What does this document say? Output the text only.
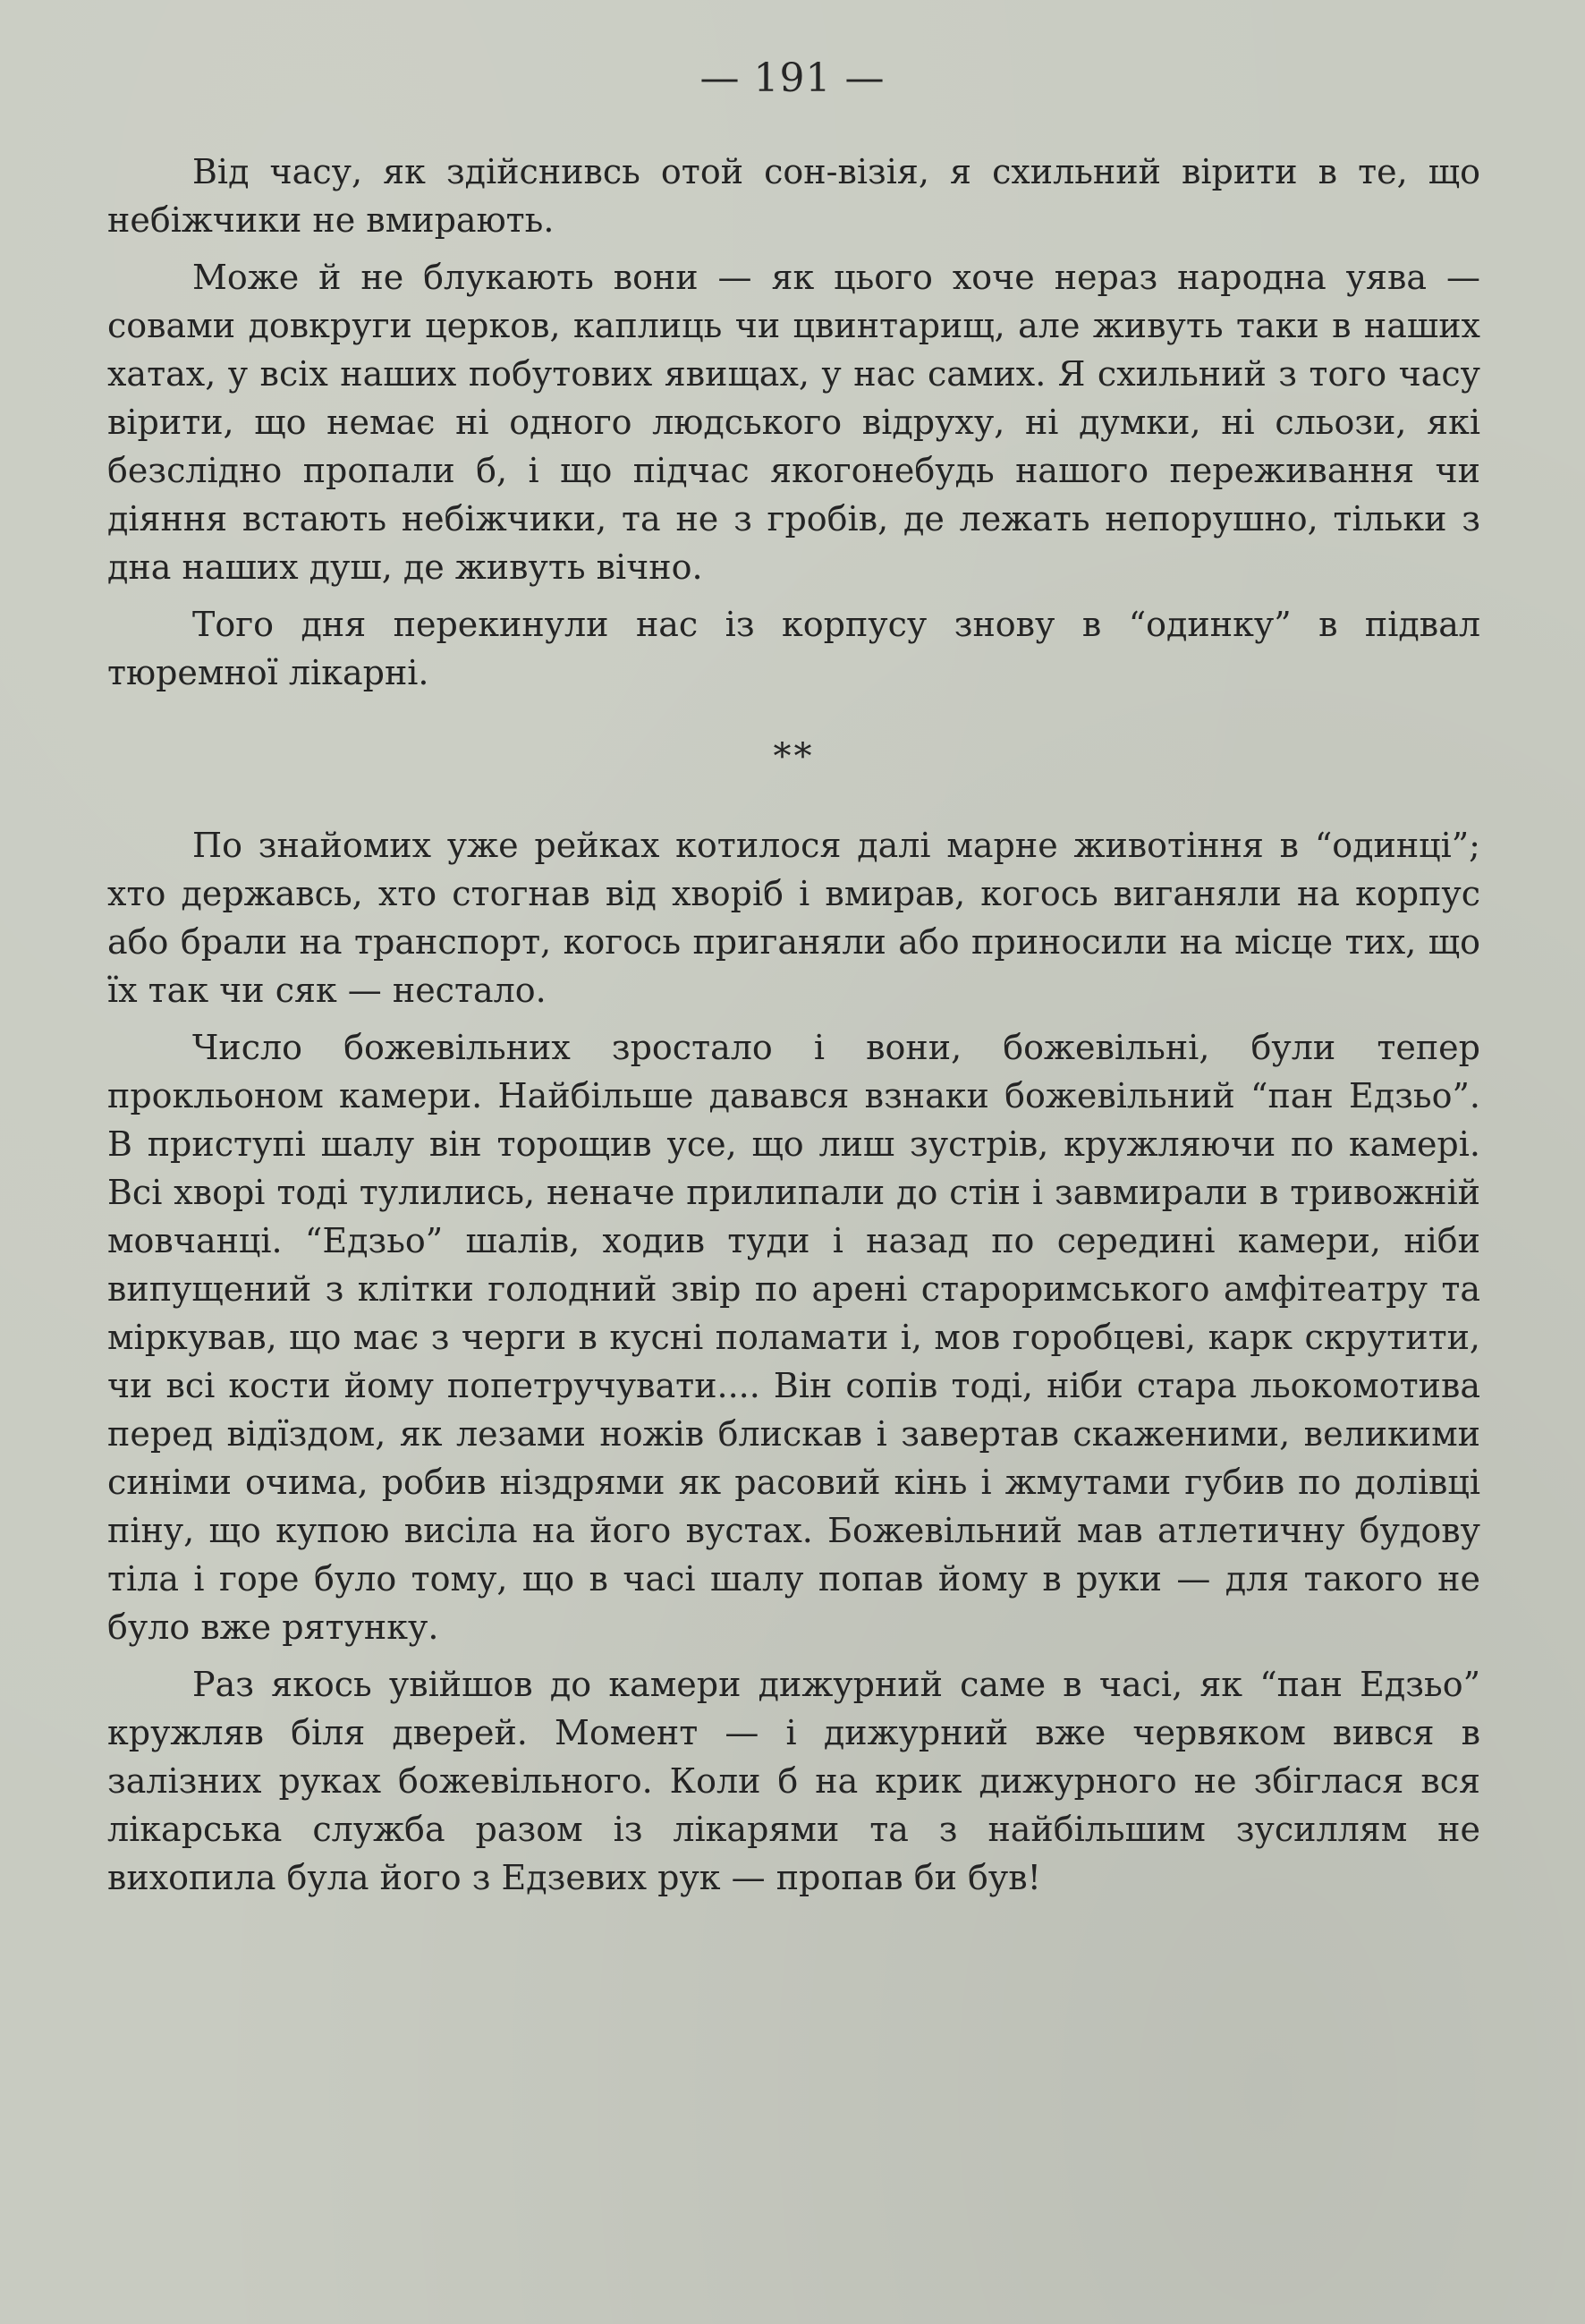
— 191 —

Від часу, як здійснивсь отой сон-візія, я схильний вірити в те, що небіжчики не вмирають.

Може й не блукають вони — як цього хоче нераз народна уява — совами довкруги церков, каплиць чи цвинтарищ, але живуть таки в наших хатах, у всіх наших побутових явищах, у нас самих. Я схильний з того часу вірити, що немає ні одного людського відруху, ні думки, ні сльози, які безслідно пропали б, і що підчас якогонебудь нашого переживання чи діяння встають небіжчики, та не з гробів, де лежать непорушно, тільки з дна наших душ, де живуть вічно.

Того дня перекинули нас із корпусу знову в “одинку” в підвал тюремної лікарні.

**

По знайомих уже рейках котилося далі марне животіння в “одинці”; хто державсь, хто стогнав від хворіб і вмирав, когось виганяли на корпус або брали на транспорт, когось приганяли або приносили на місце тих, що їх так чи сяк — нестало.

Число божевільних зростало і вони, божевільні, були тепер прокльоном камери. Найбільше давався взнаки божевільний “пан Едзьо”. В приступі шалу він торощив усе, що лиш зустрів, кружляючи по камері. Всі хворі тоді тулились, неначе прилипали до стін і завмирали в тривожній мовчанці. “Едзьо” шалів, ходив туди і назад по середині камери, ніби випущений з клітки голодний звір по арені староримського амфітеатру та міркував, що має з черги в кусні поламати і, мов горобцеві, карк скрутити, чи всі кости йому попетручувати.... Він сопів тоді, ніби стара льокомотива перед відїздом, як лезами ножів блискав і завертав скаженими, великими синіми очима, робив ніздрями як расовий кінь і жмутами губив по долівці піну, що купою висіла на його вустах. Божевільний мав атлетичну будову тіла і горе було тому, що в часі шалу попав йому в руки — для такого не було вже рятунку.

Раз якось увійшов до камери дижурний саме в часі, як “пан Едзьо” кружляв біля дверей. Момент — і дижурний вже червяком вився в залізних руках божевільного. Коли б на крик дижурного не збіглася вся лікарська служба разом із лікарями та з найбільшим зусиллям не вихопила була його з Едзевих рук — пропав би був!
